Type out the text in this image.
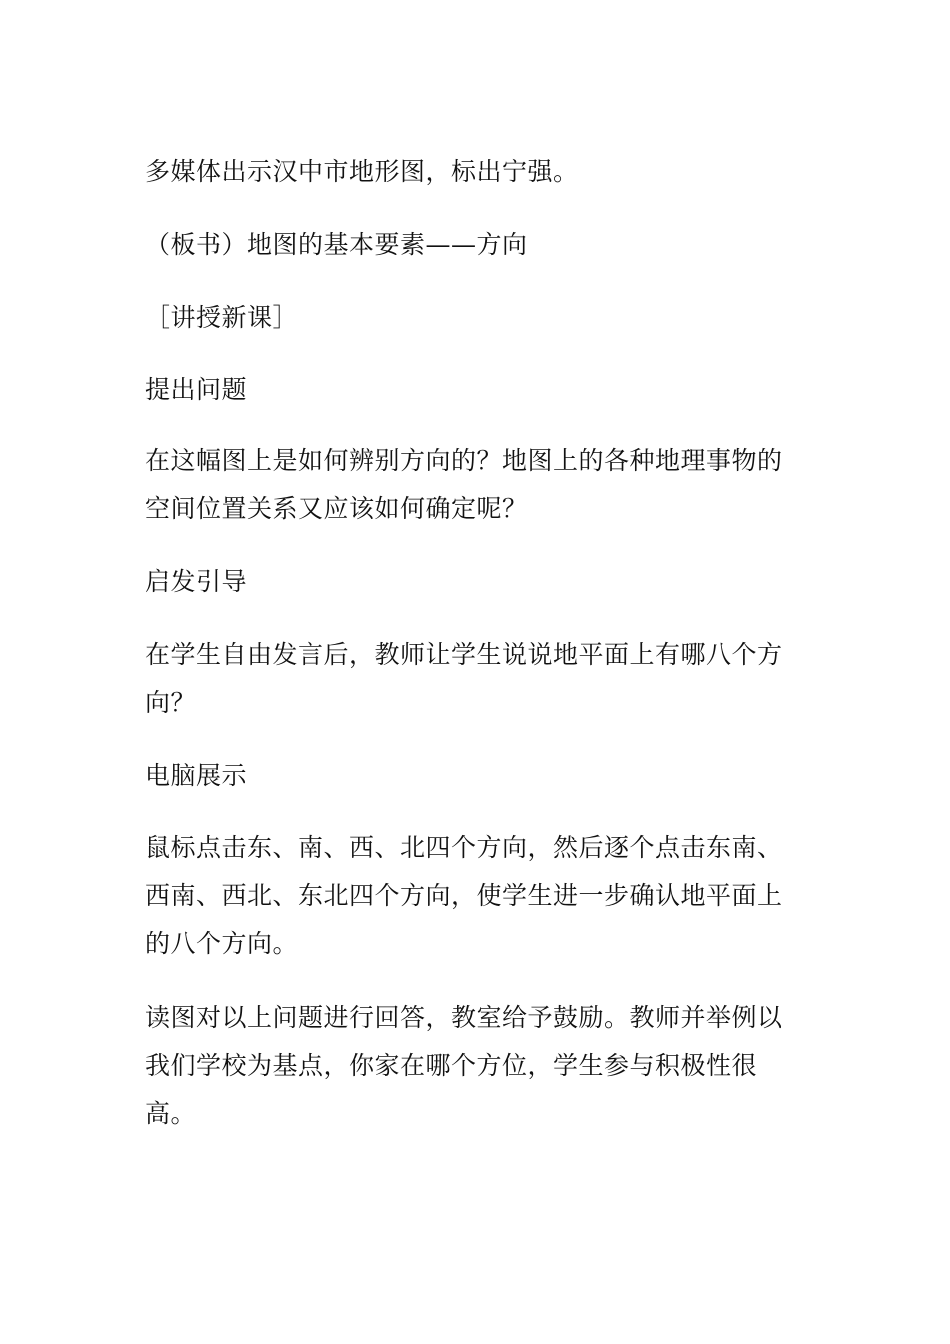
多媒体出示汉中市地形图，标出宁强。

（板书）地图的基本要素——方向

［讲授新课］

提出问题

在这幅图上是如何辨别方向的？地图上的各种地理事物的空间位置关系又应该如何确定呢？

启发引导

在学生自由发言后，教师让学生说说地平面上有哪八个方向？

电脑展示

鼠标点击东、南、西、北四个方向，然后逐个点击东南、西南、西北、东北四个方向，使学生进一步确认地平面上的八个方向。

读图对以上问题进行回答，教室给予鼓励。教师并举例以我们学校为基点，你家在哪个方位，学生参与积极性很高。
